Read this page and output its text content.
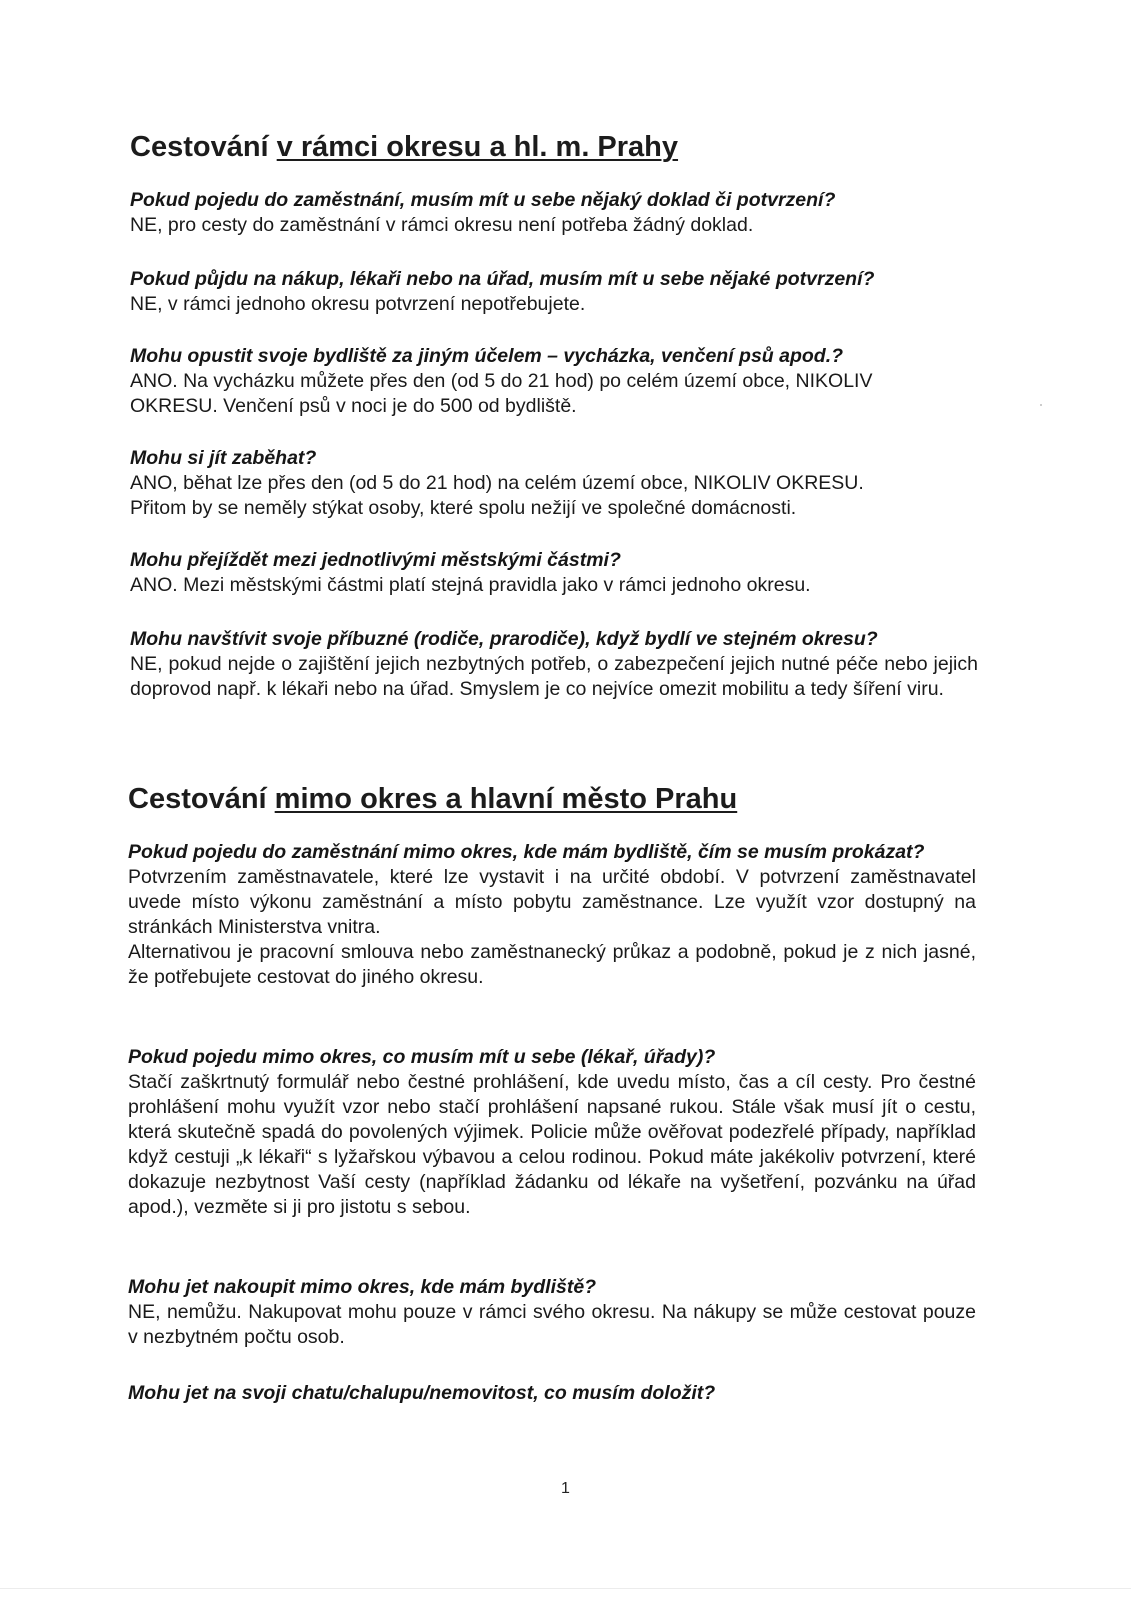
Cestování v rámci okresu a hl. m. Prahy

Pokud pojedu do zaměstnání, musím mít u sebe nějaký doklad či potvrzení?

NE, pro cesty do zaměstnání v rámci okresu není potřeba žádný doklad.

Pokud půjdu na nákup, lékaři nebo na úřad, musím mít u sebe nějaké potvrzení?

NE, v rámci jednoho okresu potvrzení nepotřebujete.

Mohu opustit svoje bydliště za jiným účelem – vycházka, venčení psů apod.?

ANO. Na vycházku můžete přes den (od 5 do 21 hod) po celém území obce, NIKOLIV

OKRESU. Venčení psů v noci je do 500 od bydliště.

Mohu si jít zaběhat?

ANO, běhat lze přes den (od 5 do 21 hod) na celém území obce, NIKOLIV OKRESU.

Přitom by se neměly stýkat osoby, které spolu nežijí ve společné domácnosti.

Mohu přejíždět mezi jednotlivými městskými částmi?

ANO. Mezi městskými částmi platí stejná pravidla jako v rámci jednoho okresu.

Mohu navštívit svoje příbuzné (rodiče, prarodiče), když bydlí ve stejném okresu?

NE, pokud nejde o zajištění jejich nezbytných potřeb, o zabezpečení jejich nutné péče nebo jejich doprovod např. k lékaři nebo na úřad. Smyslem je co nejvíce omezit mobilitu a tedy šíření viru.

Cestování mimo okres a hlavní město Prahu

Pokud pojedu do zaměstnání mimo okres, kde mám bydliště, čím se musím prokázat?

Potvrzením zaměstnavatele, které lze vystavit i na určité období. V potvrzení zaměstnavatel uvede místo výkonu zaměstnání a místo pobytu zaměstnance. Lze využít vzor dostupný na stránkách Ministerstva vnitra.

Alternativou je pracovní smlouva nebo zaměstnanecký průkaz a podobně, pokud je z nich jasné, že potřebujete cestovat do jiného okresu.

Pokud pojedu mimo okres, co musím mít u sebe (lékař, úřady)?

Stačí zaškrtnutý formulář nebo čestné prohlášení, kde uvedu místo, čas a cíl cesty. Pro čestné prohlášení mohu využít vzor nebo stačí prohlášení napsané rukou. Stále však musí jít o cestu, která skutečně spadá do povolených výjimek. Policie může ověřovat podezřelé případy, například když cestuji „k lékaři“ s lyžařskou výbavou a celou rodinou. Pokud máte jakékoliv potvrzení, které dokazuje nezbytnost Vaší cesty (například žádanku od lékaře na vyšetření, pozvánku na úřad apod.), vezměte si ji pro jistotu s sebou.

Mohu jet nakoupit mimo okres, kde mám bydliště?

NE, nemůžu. Nakupovat mohu pouze v rámci svého okresu. Na nákupy se může cestovat pouze v nezbytném počtu osob.

Mohu jet na svoji chatu/chalupu/nemovitost, co musím doložit?

1
